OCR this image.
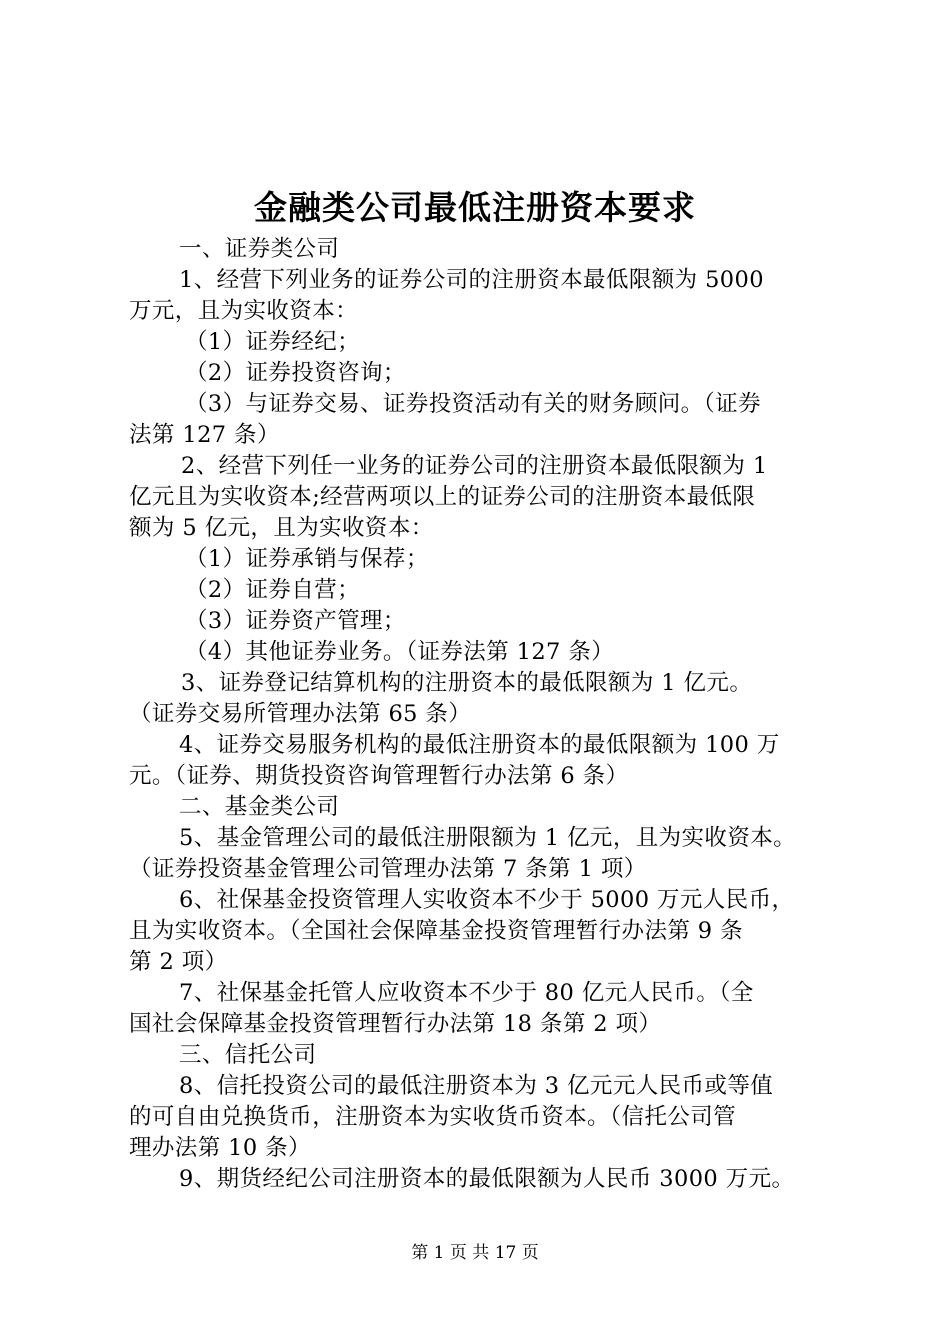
金融类公司最低注册资本要求
一、证券类公司
1、经营下列业务的证券公司的注册资本最低限额为 5000
万元，且为实收资本：
（1）证券经纪；
（2）证券投资咨询；
（3）与证券交易、证券投资活动有关的财务顾问。（证券
法第 127 条）
2、经营下列任一业务的证券公司的注册资本最低限额为 1
亿元且为实收资本;经营两项以上的证券公司的注册资本最低限
额为 5 亿元，且为实收资本：
（1）证券承销与保荐；
（2）证券自营；
（3）证券资产管理；
（4）其他证券业务。（证券法第 127 条）
3、证券登记结算机构的注册资本的最低限额为 1 亿元。
（证券交易所管理办法第 65 条）
4、证券交易服务机构的最低注册资本的最低限额为 100 万
元。（证券、期货投资咨询管理暂行办法第 6 条）
二、基金类公司
5、基金管理公司的最低注册限额为 1 亿元，且为实收资本。
（证券投资基金管理公司管理办法第 7 条第 1 项）
6、社保基金投资管理人实收资本不少于 5000 万元人民币，
且为实收资本。（全国社会保障基金投资管理暂行办法第 9 条
第 2 项）
7、社保基金托管人应收资本不少于 80 亿元人民币。（全
国社会保障基金投资管理暂行办法第 18 条第 2 项）
三、信托公司
8、信托投资公司的最低注册资本为 3 亿元元人民币或等值
的可自由兑换货币，注册资本为实收货币资本。（信托公司管
理办法第 10 条）
9、期货经纪公司注册资本的最低限额为人民币 3000 万元。
第 1 页 共 17 页
